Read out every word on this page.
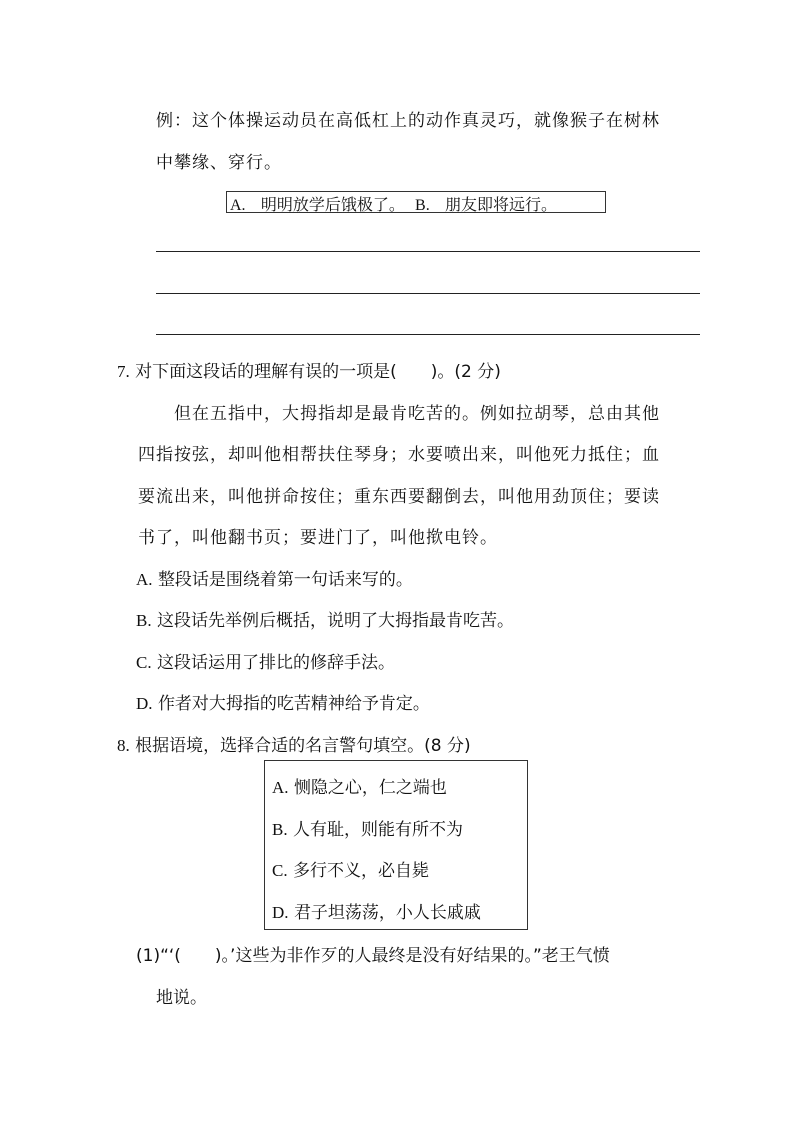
例：这个体操运动员在高低杠上的动作真灵巧，就像猴子在树林
中攀缘、穿行。
A. 明明放学后饿极了。 B. 朋友即将远行。
7. 对下面这段话的理解有误的一项是(　　)。(2 分)
但在五指中，大拇指却是最肯吃苦的。例如拉胡琴，总由其他
四指按弦，却叫他相帮扶住琴身；水要喷出来，叫他死力抵住；血
要流出来，叫他拼命按住；重东西要翻倒去，叫他用劲顶住；要读
书了，叫他翻书页；要进门了，叫他揿电铃。
A. 整段话是围绕着第一句话来写的。
B. 这段话先举例后概括，说明了大拇指最肯吃苦。
C. 这段话运用了排比的修辞手法。
D. 作者对大拇指的吃苦精神给予肯定。
8. 根据语境，选择合适的名言警句填空。(8 分)
A. 恻隐之心，仁之端也
B. 人有耻，则能有所不为
C. 多行不义，必自毙
D. 君子坦荡荡，小人长戚戚
(1)“‘(　　)。’这些为非作歹的人最终是没有好结果的。”老王气愤
地说。
